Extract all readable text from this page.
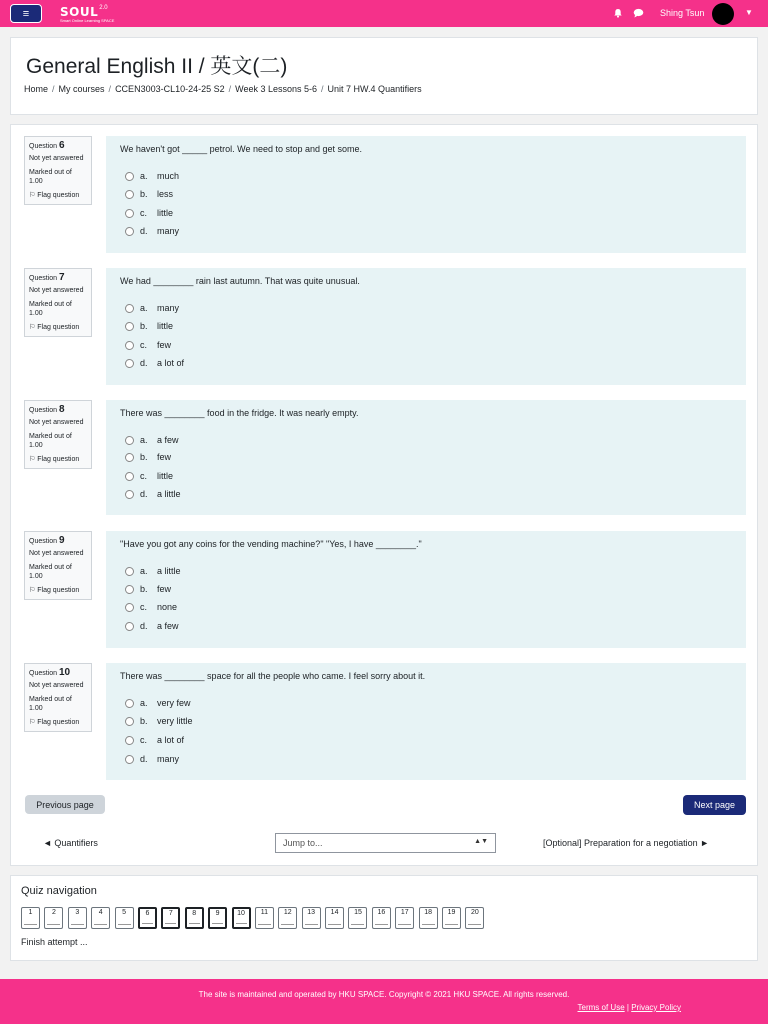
≡	$SOUL^{2.0}$
Smart Online Learning SPACE
Shing Tsun	▼
General English II / 英文(二)
Home / My courses / CCEN3003-CL10-24-25 S2 / Week 3 Lessons 5-6 / Unit 7 HW.4 Quantifiers
Question 6
Not yet answered
Marked out of 1.00
⚐ Flag question
We haven't got _____ petrol. We need to stop and get some.
a.	much
b.	less
c.	little
d.	many
Question 7
Not yet answered
Marked out of 1.00
⚐ Flag question
We had ________ rain last autumn. That was quite unusual.
a.	many
b.	little
c.	few
d.	a lot of
Question 8
Not yet answered
Marked out of 1.00
⚐ Flag question
There was ________ food in the fridge. It was nearly empty.
a.	a few
b.	few
c.	little
d.	a little
Question 9
Not yet answered
Marked out of 1.00
⚐ Flag question
"Have you got any coins for the vending machine?" "Yes, I have ________."
a.	a little
b.	few
c.	none
d.	a few
Question 10
Not yet answered
Marked out of 1.00
⚐ Flag question
There was ________ space for all the people who came. I feel sorry about it.
a.	very few
b.	very little
c.	a lot of
d.	many
Previous page	Next page
◄ Quantifiers	Jump to...	▲▼	[Optional] Preparation for a negotiation ►
Quiz navigation
1	2	3	4	5	6	7	8	9	10	11	12	13	14	15	16	17	18	19	20
Finish attempt ...
The site is maintained and operated by HKU SPACE. Copyright © 2021 HKU SPACE. All rights reserved.
Terms of Use | Privacy Policy
